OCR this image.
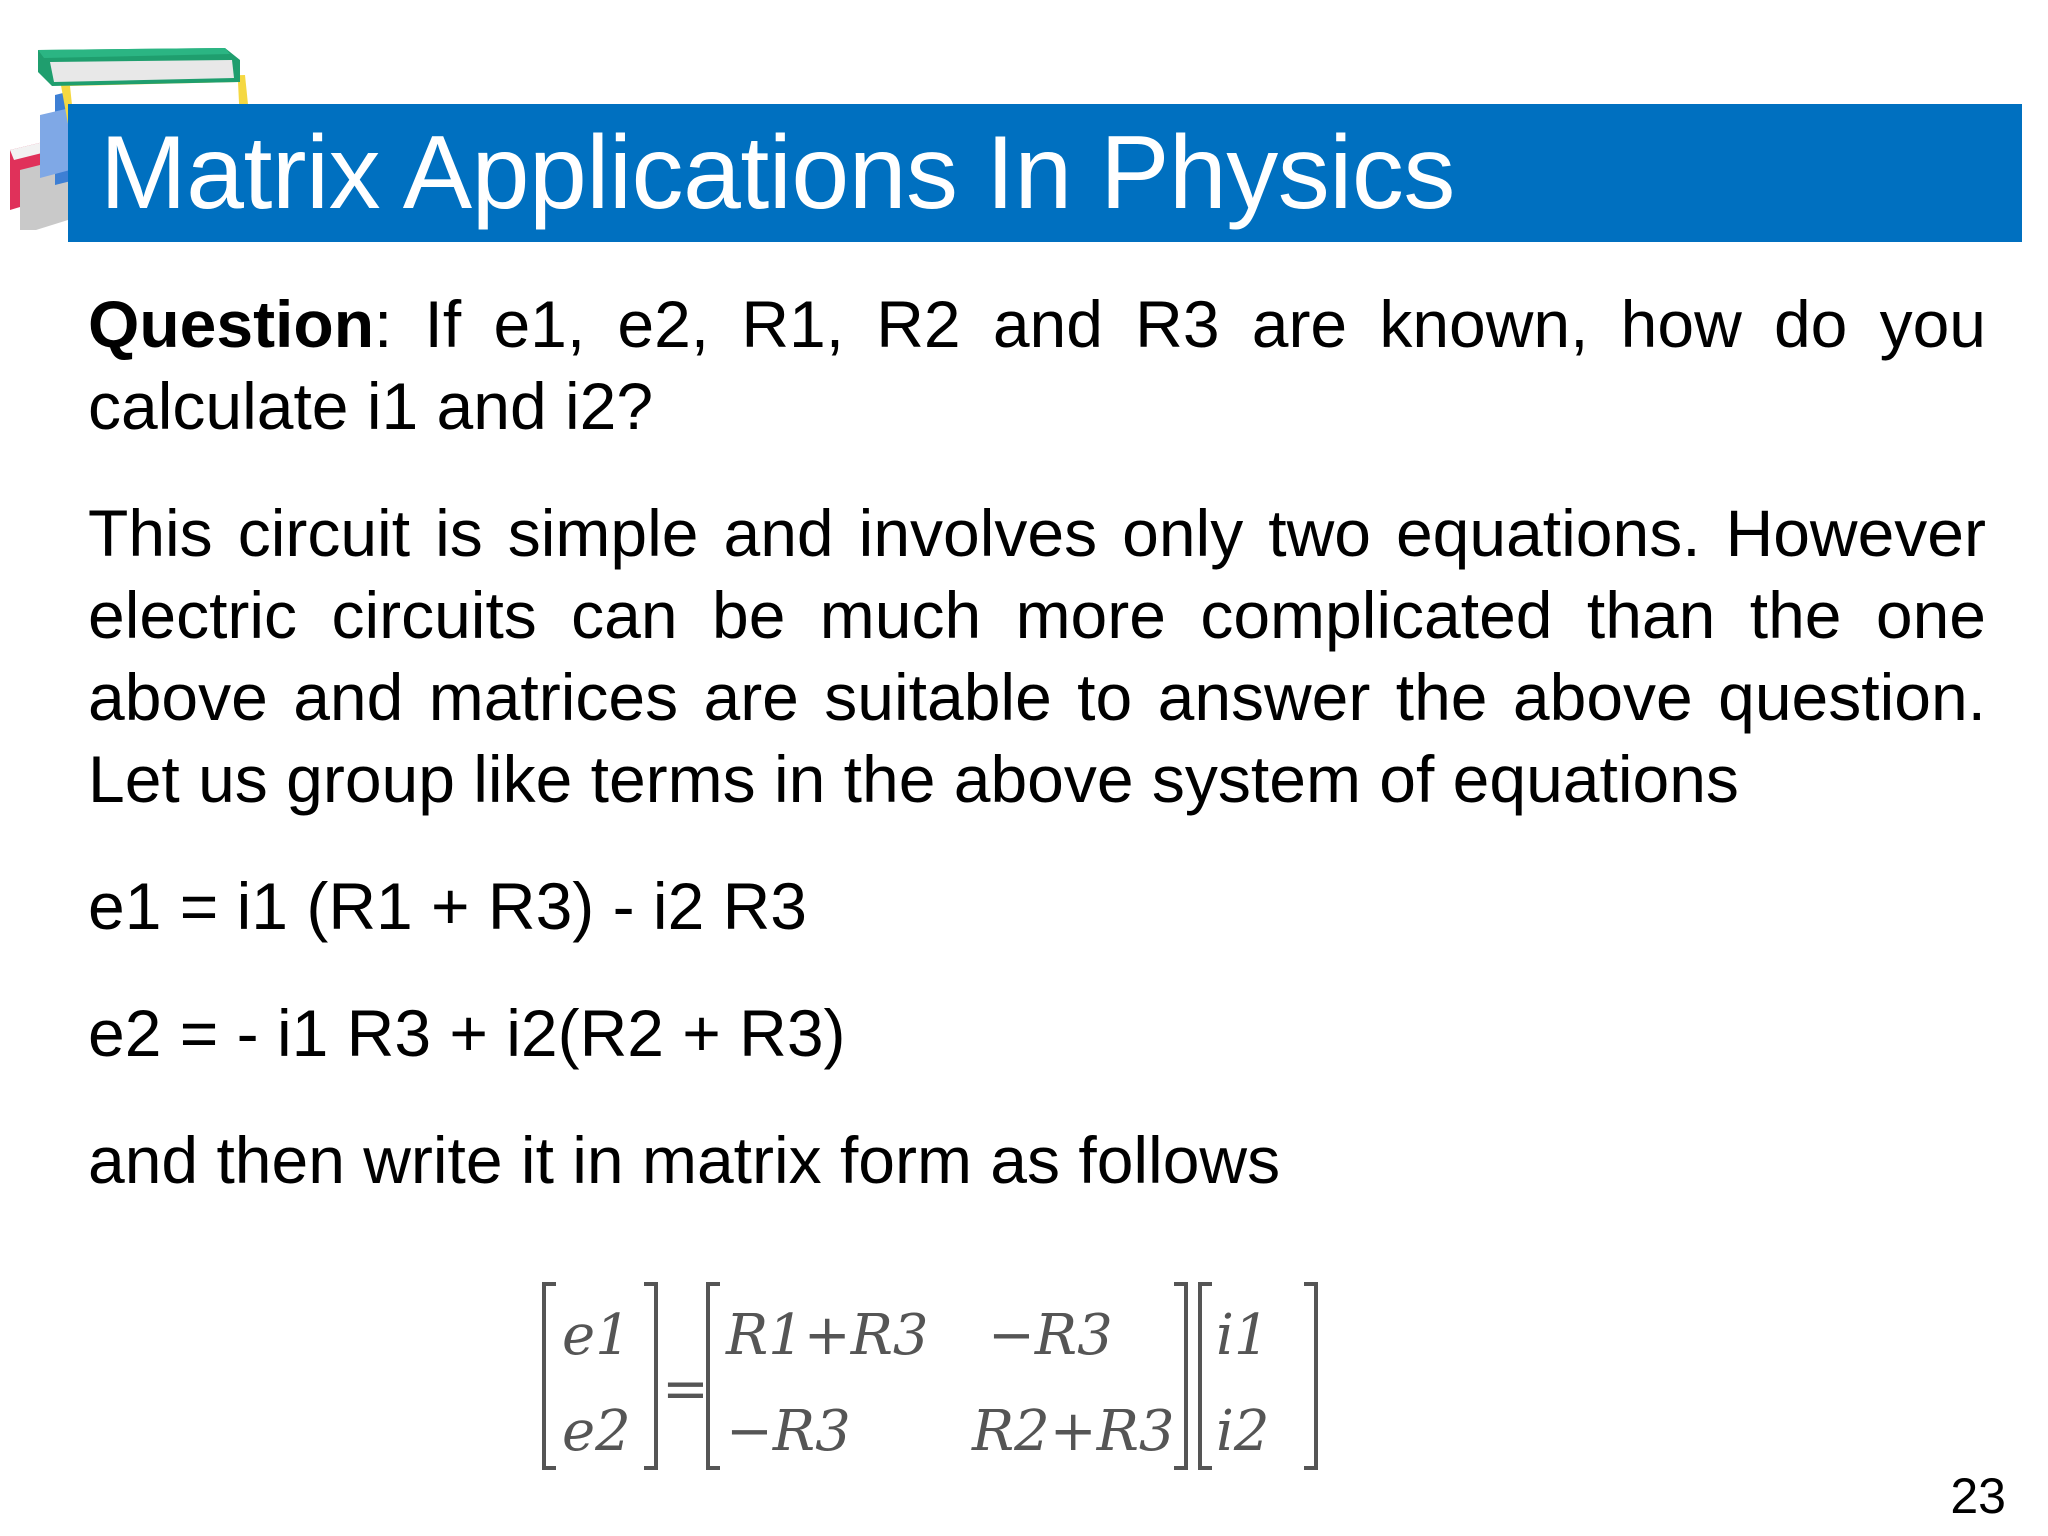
Matrix Applications In Physics

Question: If e1, e2, R1, R2 and R3 are known, how do you calculate i1 and i2?

This circuit is simple and involves only two equations. However electric circuits can be much more complicated than the one above and matrices are suitable to answer the above question. Let us group like terms in the above system of equations

e1 = i1 (R1 + R3) - i2 R3

e2 = - i1 R3 + i2(R2 + R3)

and then write it in matrix form as follows

e1
e2
=
R1+R3 −R3
−R3 R2+R3
i1
i2
23
